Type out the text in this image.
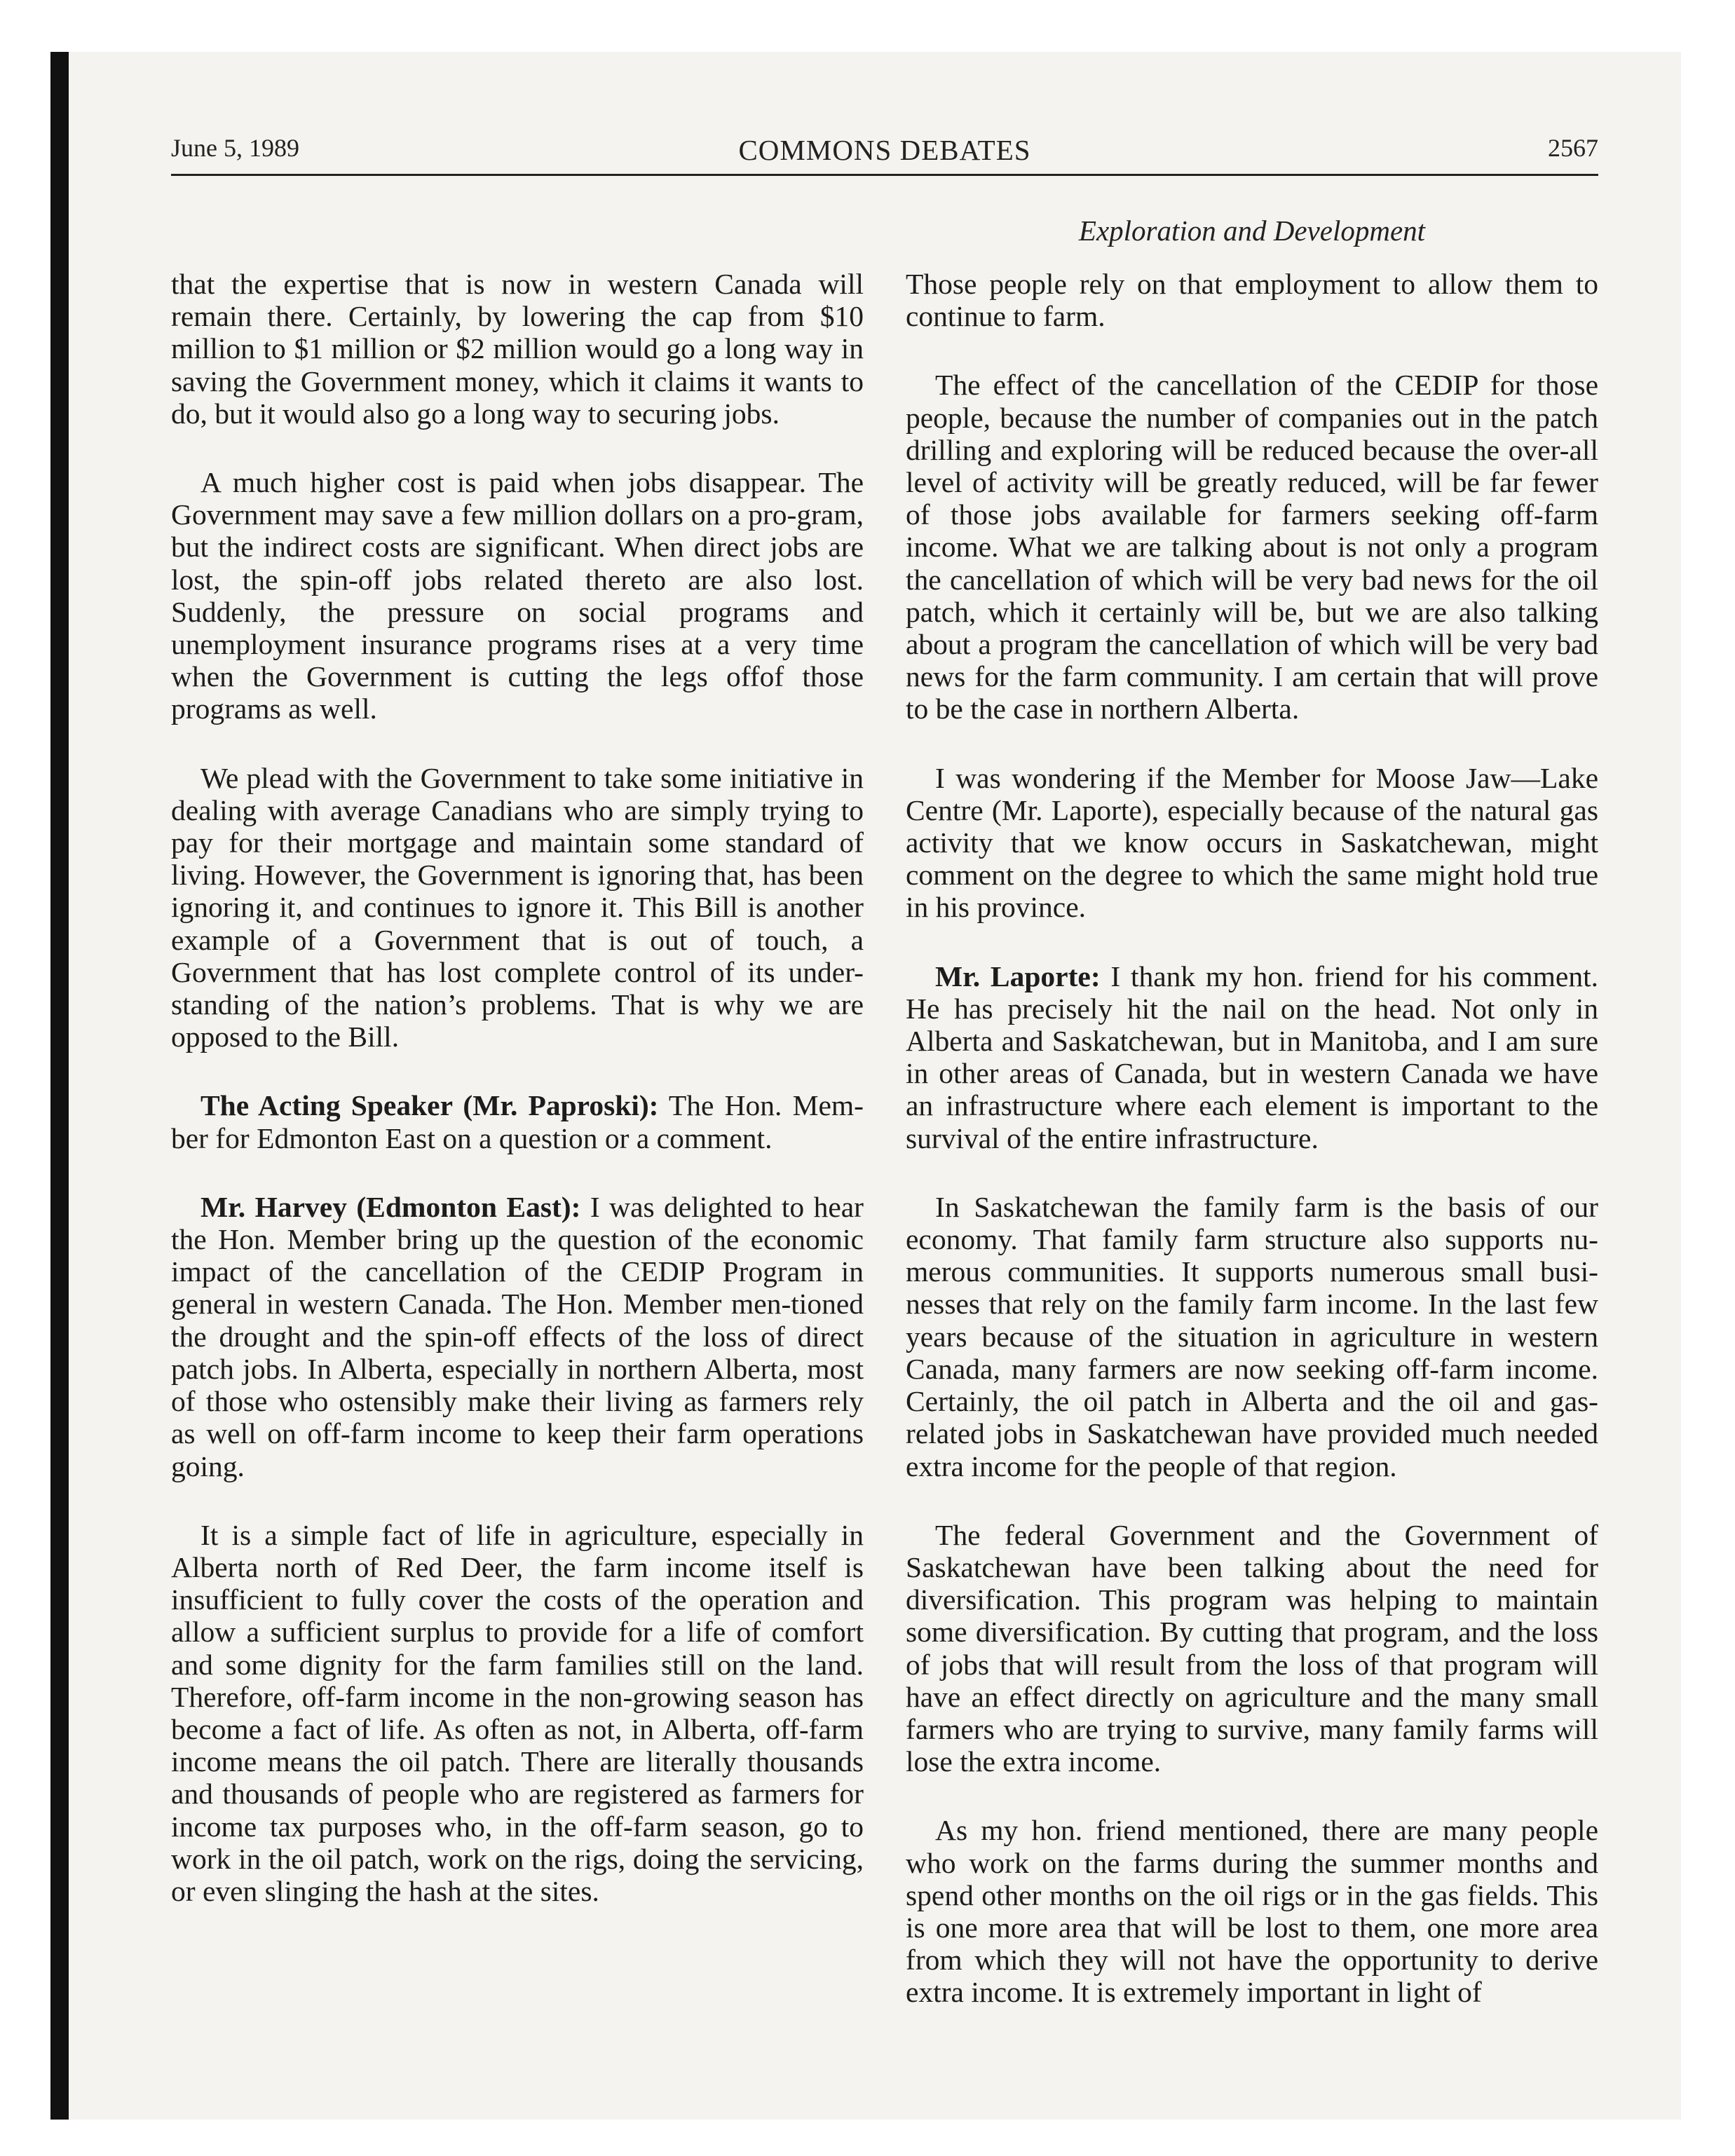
COMMONS DEBATES
June 5, 1989	2567
Exploration and Development

that the expertise that is now in western Canada will remain there. Certainly, by lowering the cap from $10 million to $1 million or $2 million would go a long way in saving the Government money, which it claims it wants to do, but it would also go a long way to securing jobs.

A much higher cost is paid when jobs disappear. The Government may save a few million dollars on a pro-gram, but the indirect costs are significant. When direct jobs are lost, the spin-off jobs related thereto are also lost. Suddenly, the pressure on social programs and unemployment insurance programs rises at a very time when the Government is cutting the legs offof those programs as well.

We plead with the Government to take some initiative in dealing with average Canadians who are simply trying to pay for their mortgage and maintain some standard of living. However, the Government is ignoring that, has been ignoring it, and continues to ignore it. This Bill is another example of a Government that is out of touch, a Government that has lost complete control of its under-standing of the nation’s problems. That is why we are opposed to the Bill.

The Acting Speaker (Mr. Paproski): The Hon. Mem-ber for Edmonton East on a question or a comment.

Mr. Harvey (Edmonton East): I was delighted to hear the Hon. Member bring up the question of the economic impact of the cancellation of the CEDIP Program in general in western Canada. The Hon. Member men-tioned the drought and the spin-off effects of the loss of direct patch jobs. In Alberta, especially in northern Alberta, most of those who ostensibly make their living as farmers rely as well on off-farm income to keep their farm operations going.

It is a simple fact of life in agriculture, especially in Alberta north of Red Deer, the farm income itself is insufficient to fully cover the costs of the operation and allow a sufficient surplus to provide for a life of comfort and some dignity for the farm families still on the land. Therefore, off-farm income in the non-growing season has become a fact of life. As often as not, in Alberta, off-farm income means the oil patch. There are literally thousands and thousands of people who are registered as farmers for income tax purposes who, in the off-farm season, go to work in the oil patch, work on the rigs, doing the servicing, or even slinging the hash at the sites.

Those people rely on that employment to allow them to continue to farm.

The effect of the cancellation of the CEDIP for those people, because the number of companies out in the patch drilling and exploring will be reduced because the over-all level of activity will be greatly reduced, will be far fewer of those jobs available for farmers seeking off-farm income. What we are talking about is not only a program the cancellation of which will be very bad news for the oil patch, which it certainly will be, but we are also talking about a program the cancellation of which will be very bad news for the farm community. I am certain that will prove to be the case in northern Alberta.

I was wondering if the Member for Moose Jaw—Lake Centre (Mr. Laporte), especially because of the natural gas activity that we know occurs in Saskatchewan, might comment on the degree to which the same might hold true in his province.

Mr. Laporte: I thank my hon. friend for his comment. He has precisely hit the nail on the head. Not only in Alberta and Saskatchewan, but in Manitoba, and I am sure in other areas of Canada, but in western Canada we have an infrastructure where each element is important to the survival of the entire infrastructure.

In Saskatchewan the family farm is the basis of our economy. That family farm structure also supports nu-merous communities. It supports numerous small busi-nesses that rely on the family farm income. In the last few years because of the situation in agriculture in western Canada, many farmers are now seeking off-farm income. Certainly, the oil patch in Alberta and the oil and gas-related jobs in Saskatchewan have provided much needed extra income for the people of that region.

The federal Government and the Government of Saskatchewan have been talking about the need for diversification. This program was helping to maintain some diversification. By cutting that program, and the loss of jobs that will result from the loss of that program will have an effect directly on agriculture and the many small farmers who are trying to survive, many family farms will lose the extra income.

As my hon. friend mentioned, there are many people who work on the farms during the summer months and spend other months on the oil rigs or in the gas fields. This is one more area that will be lost to them, one more area from which they will not have the opportunity to derive extra income. It is extremely important in light of
